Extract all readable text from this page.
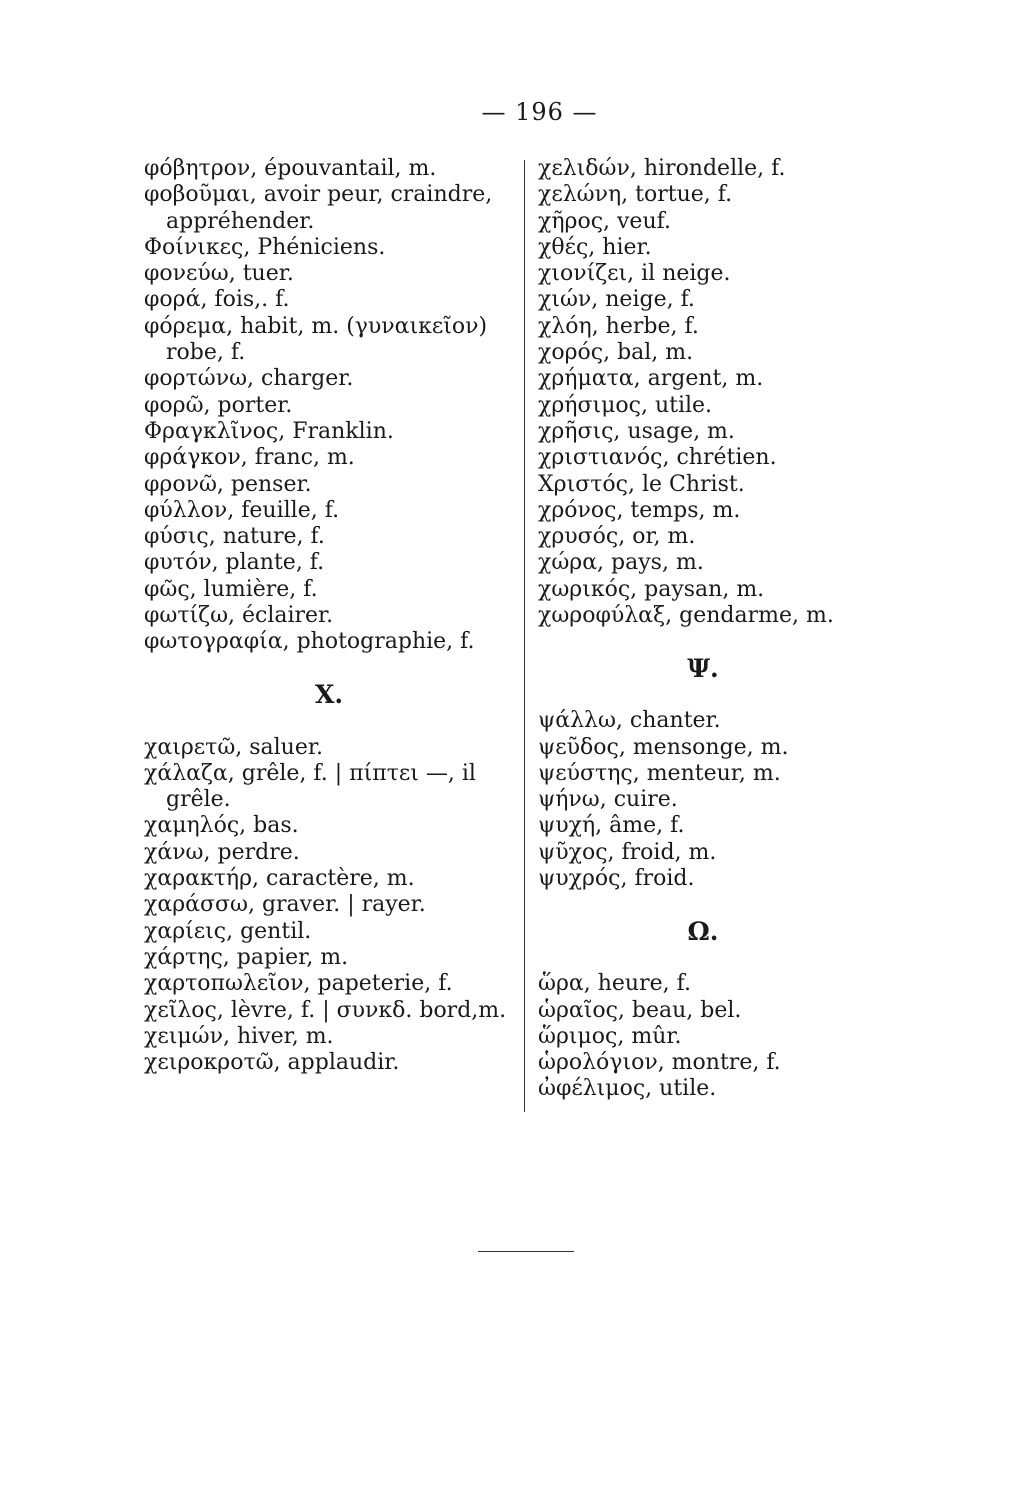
— 196 —
φόβητρον, épouvantail, m.
φοβοῦμαι, avoir peur, craindre,
appréhender.
Φοίνικες, Phéniciens.
φονεύω, tuer.
φορά, fois,. f.
φόρεμα, habit, m. (γυναικεῖον)
robe, f.
φορτώνω, charger.
φορῶ, porter.
Φραγκλῖνος, Franklin.
φράγκον, franc, m.
φρονῶ, penser.
φύλλον, feuille, f.
φύσις, nature, f.
φυτόν, plante, f.
φῶς, lumière, f.
φωτίζω, éclairer.
φωτογραφία, photographie, f.
X.
χαιρετῶ, saluer.
χάλαζα, grêle, f. | πίπτει —, il
grêle.
χαμηλός, bas.
χάνω, perdre.
χαρακτήρ, caractère, m.
χαράσσω, graver. | rayer.
χαρίεις, gentil.
χάρτης, papier, m.
χαρτοπωλεῖον, papeterie, f.
χεῖλος, lèvre, f. | συνκδ. bord,m.
χειμών, hiver, m.
χειροκροτῶ, applaudir.
χελιδών, hirondelle, f.
χελώνη, tortue, f.
χῆρος, veuf.
χθές, hier.
χιονίζει, il neige.
χιών, neige, f.
χλόη, herbe, f.
χορός, bal, m.
χρήματα, argent, m.
χρήσιμος, utile.
χρῆσις, usage, m.
χριστιανός, chrétien.
Χριστός, le Christ.
χρόνος, temps, m.
χρυσός, or, m.
χώρα, pays, m.
χωρικός, paysan, m.
χωροφύλαξ, gendarme, m.
Ψ.
ψάλλω, chanter.
ψεῦδος, mensonge, m.
ψεύστης, menteur, m.
ψήνω, cuire.
ψυχή, âme, f.
ψῦχος, froid, m.
ψυχρός, froid.
Ω.
ὥρα, heure, f.
ὡραῖος, beau, bel.
ὥριμος, mûr.
ὡρολόγιον, montre, f.
ὠφέλιμος, utile.
